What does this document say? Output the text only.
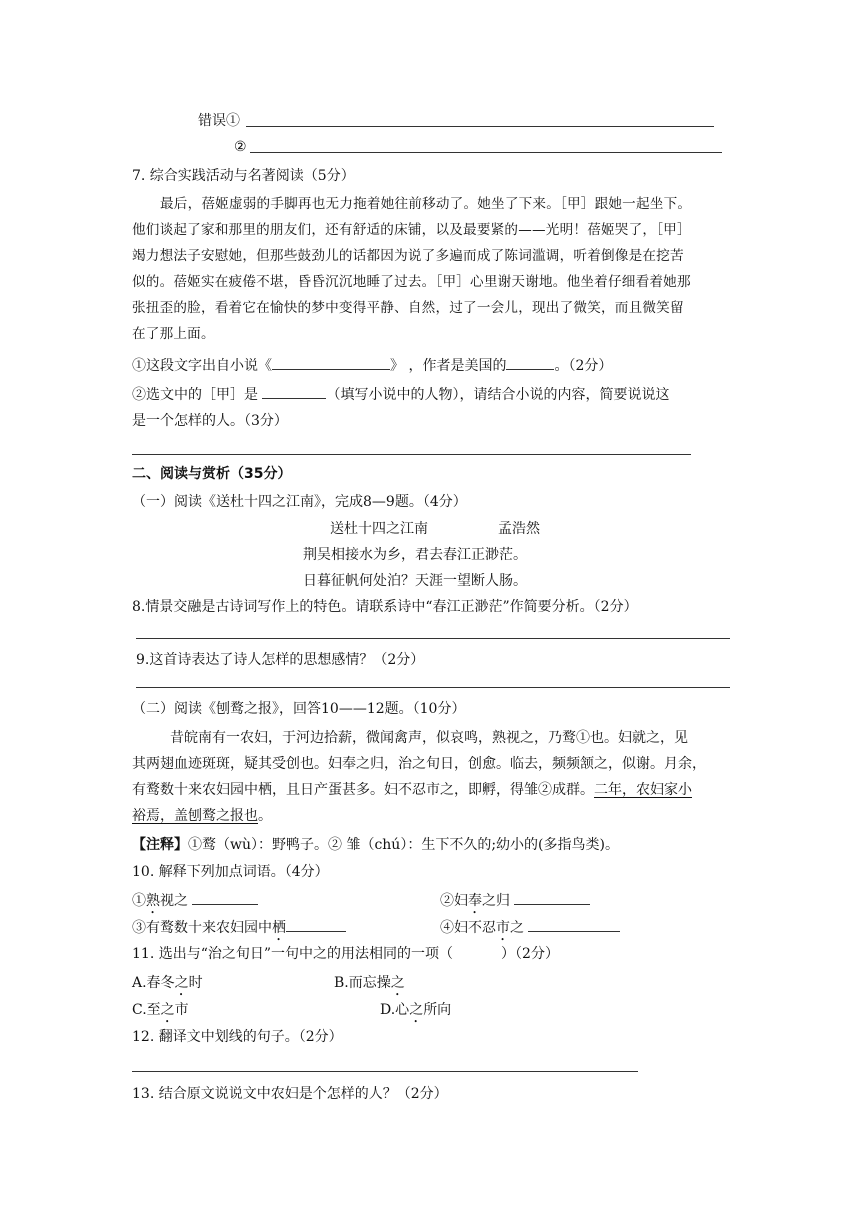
错误①
②
7. 综合实践活动与名著阅读（5分）
最后，蓓姬虚弱的手脚再也无力拖着她往前移动了。她坐了下来。［甲］跟她一起坐下。
他们谈起了家和那里的朋友们，还有舒适的床铺，以及最要紧的——光明！蓓姬哭了，［甲］
竭力想法子安慰她，但那些鼓劲儿的话都因为说了多遍而成了陈词滥调，听着倒像是在挖苦
似的。蓓姬实在疲倦不堪，昏昏沉沉地睡了过去。［甲］心里谢天谢地。他坐着仔细看着她那
张扭歪的脸，看着它在愉快的梦中变得平静、自然，过了一会儿，现出了微笑，而且微笑留
在了那上面。
①这段文字出自小说《	》 ，作者是美国的	。（2分）
②选文中的［甲］是	（填写小说中的人物），请结合小说的内容，简要说说这
是一个怎样的人。（3分）
二、阅读与赏析（35分）
（一）阅读《送杜十四之江南》，完成8—9题。（4分）
送杜十四之江南	孟浩然
荆吴相接水为乡，君去春江正渺茫。
日暮征帆何处泊？天涯一望断人肠。
8.情景交融是古诗词写作上的特色。请联系诗中“春江正渺茫”作简要分析。（2分）
9.这首诗表达了诗人怎样的思想感情？（2分）
（二）阅读《刨鹜之报》，回答10——12题。（10分）
昔皖南有一农妇，于河边拾薪，微闻禽声，似哀鸣，熟视之，乃鹜①也。妇就之，见
其两翅血迹斑斑，疑其受创也。妇奉之归，治之旬日，创愈。临去，频频颔之，似谢。月余，
有鹜数十来农妇园中栖，且日产蛋甚多。妇不忍市之，即孵，得雏②成群。二年，农妇家小
裕焉，盖刨鹜之报也。
【注释】①鹜（wù）：野鸭子。② 雏（chú）：生下不久的;幼小的(多指鸟类)。
10. 解释下列加点词语。（4分）
①熟视之	②妇奉之归
③有鹜数十来农妇园中栖	④妇不忍市之
11. 选出与“治之旬日”一句中之的用法相同的一项（	）（2分）
A.春冬之时	B.而忘操之
C.至之市	D.心之所向
12. 翻译文中划线的句子。（2分）
13. 结合原文说说文中农妇是个怎样的人？（2分）
